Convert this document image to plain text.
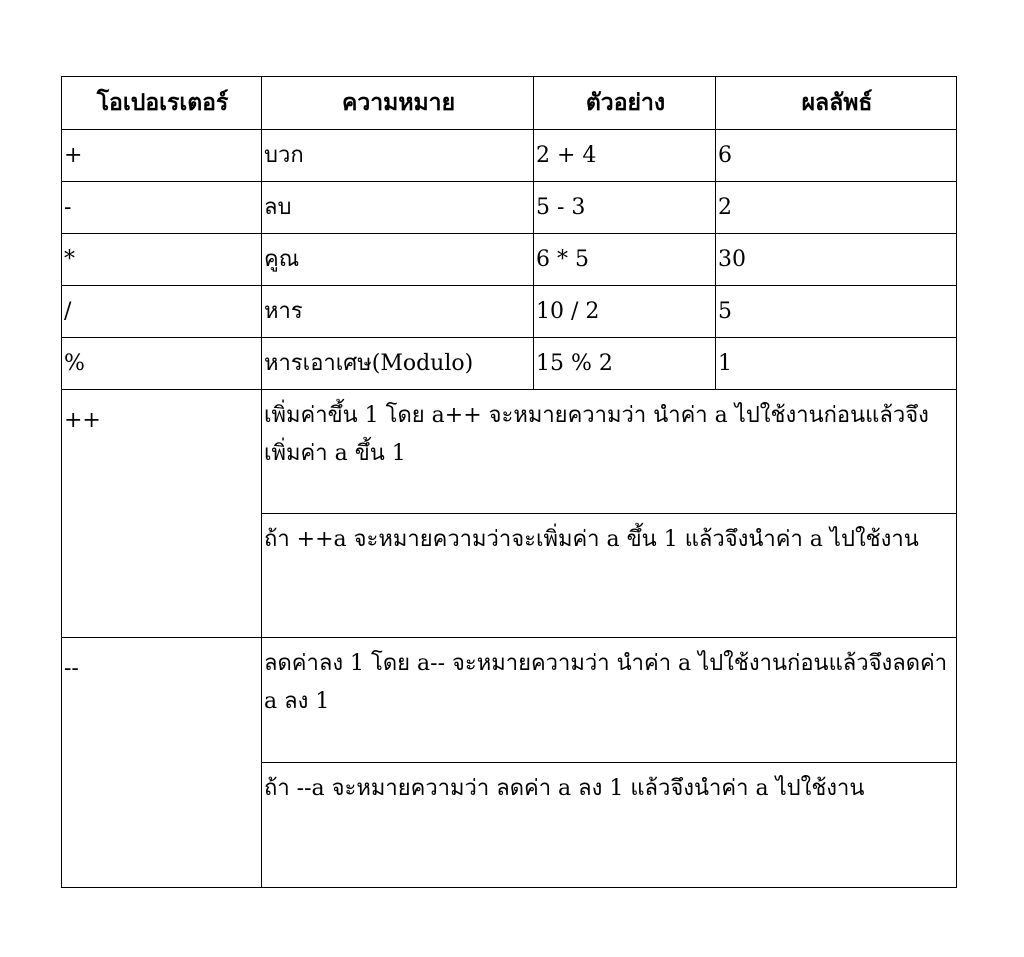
โอเปอเรเตอร์	ความหมาย	ตัวอย่าง	ผลลัพธ์
+	บวก	2 + 4	6
-	ลบ	5 - 3	2
*	คูณ	6 * 5	30
/	หาร	10 / 2	5
%	หารเอาเศษ(Modulo)	15 % 2	1
++	เพิ่มค่าขึ้น 1 โดย a++ จะหมายความว่า นำค่า a ไปใช้งานก่อนแล้วจึงเพิ่มค่า a ขึ้น 1		
	ถ้า ++a จะหมายความว่าจะเพิ่มค่า a ขึ้น 1 แล้วจึงนำค่า a ไปใช้งาน		
--	ลดค่าลง 1 โดย a-- จะหมายความว่า นำค่า a ไปใช้งานก่อนแล้วจึงลดค่า a ลง 1		
	ถ้า --a จะหมายความว่า ลดค่า a ลง 1 แล้วจึงนำค่า a ไปใช้งาน		
